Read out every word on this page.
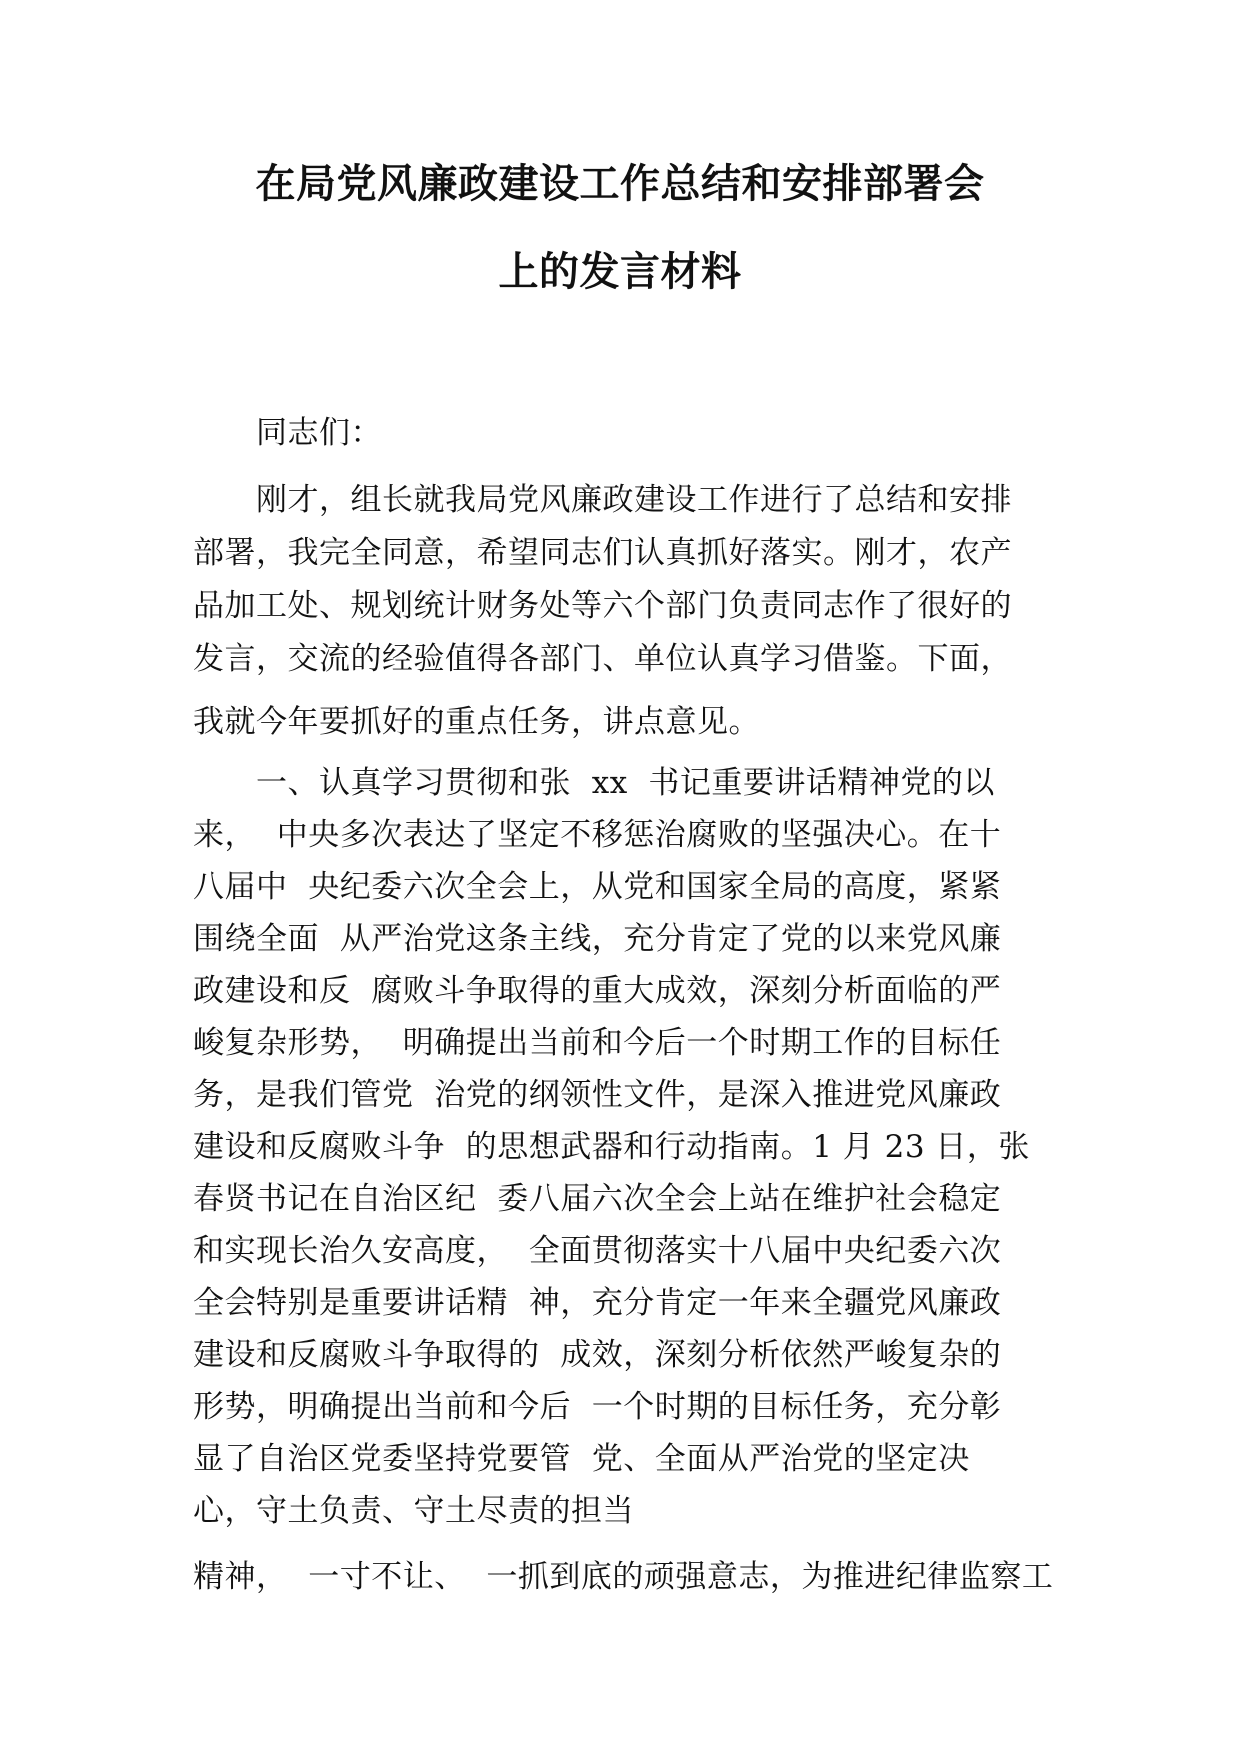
在局党风廉政建设工作总结和安排部署会
上的发言材料
同志们：
刚才，组长就我局党风廉政建设工作进行了总结和安排
部署，我完全同意，希望同志们认真抓好落实。刚才，农产
品加工处、规划统计财务处等六个部门负责同志作了很好的
发言，交流的经验值得各部门、单位认真学习借鉴。下面，
我就今年要抓好的重点任务，讲点意见。
一、认真学习贯彻和张  xx  书记重要讲话精神党的以
来，  中央多次表达了坚定不移惩治腐败的坚强决心。在十
八届中  央纪委六次全会上，从党和国家全局的高度，紧紧
围绕全面  从严治党这条主线，充分肯定了党的以来党风廉
政建设和反  腐败斗争取得的重大成效，深刻分析面临的严
峻复杂形势，  明确提出当前和今后一个时期工作的目标任
务，是我们管党  治党的纲领性文件，是深入推进党风廉政
建设和反腐败斗争  的思想武器和行动指南。1 月 23 日，张
春贤书记在自治区纪  委八届六次全会上站在维护社会稳定
和实现长治久安高度，  全面贯彻落实十八届中央纪委六次
全会特别是重要讲话精  神，充分肯定一年来全疆党风廉政
建设和反腐败斗争取得的  成效，深刻分析依然严峻复杂的
形势，明确提出当前和今后  一个时期的目标任务，充分彰
显了自治区党委坚持党要管  党、全面从严治党的坚定决
心，守土负责、守土尽责的担当
精神，  一寸不让、  一抓到底的顽强意志，为推进纪律监察工
